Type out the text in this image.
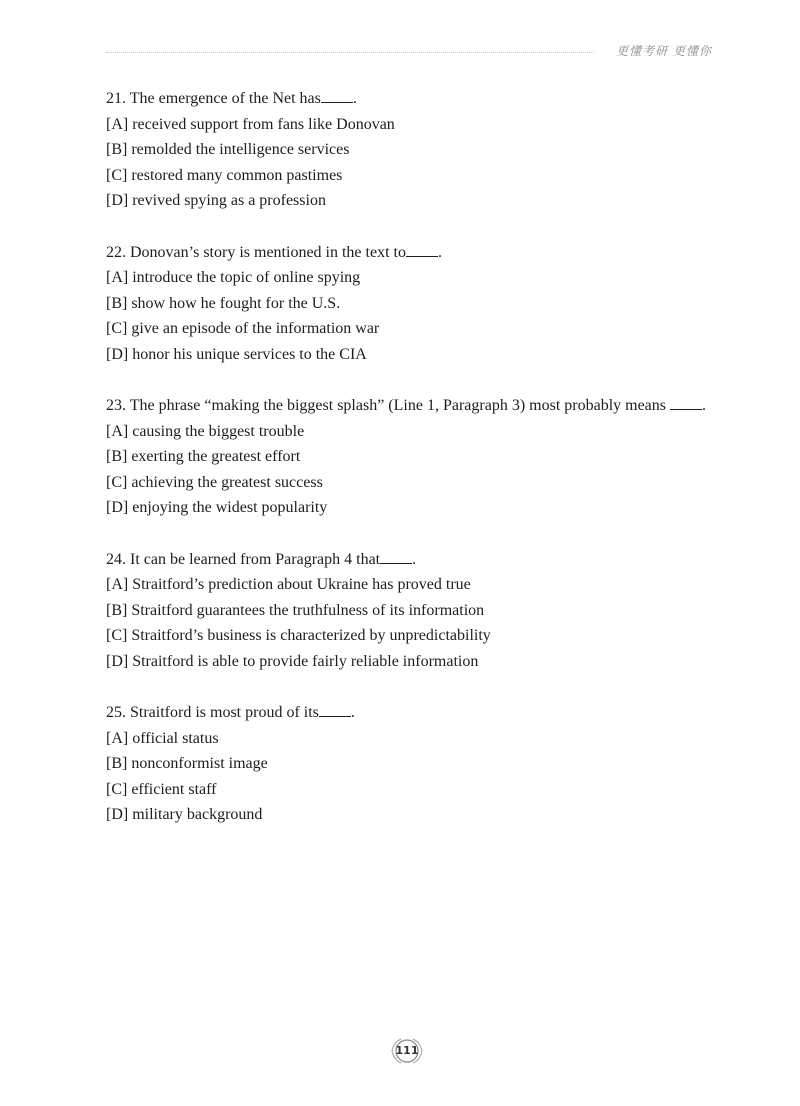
更懂考研 更懂你
21. The emergence of the Net has .
[A] received support from fans like Donovan
[B] remolded the intelligence services
[C] restored many common pastimes
[D] revived spying as a profession
22. Donovan’s story is mentioned in the text to .
[A] introduce the topic of online spying
[B] show how he fought for the U.S.
[C] give an episode of the information war
[D] honor his unique services to the CIA
23. The phrase “making the biggest splash” (Line 1, Paragraph 3) most probably means .
[A] causing the biggest trouble
[B] exerting the greatest effort
[C] achieving the greatest success
[D] enjoying the widest popularity
24. It can be learned from Paragraph 4 that .
[A] Straitford’s prediction about Ukraine has proved true
[B] Straitford guarantees the truthfulness of its information
[C] Straitford’s business is characterized by unpredictability
[D] Straitford is able to provide fairly reliable information
25. Straitford is most proud of its .
[A] official status
[B] nonconformist image
[C] efficient staff
[D] military background
111
